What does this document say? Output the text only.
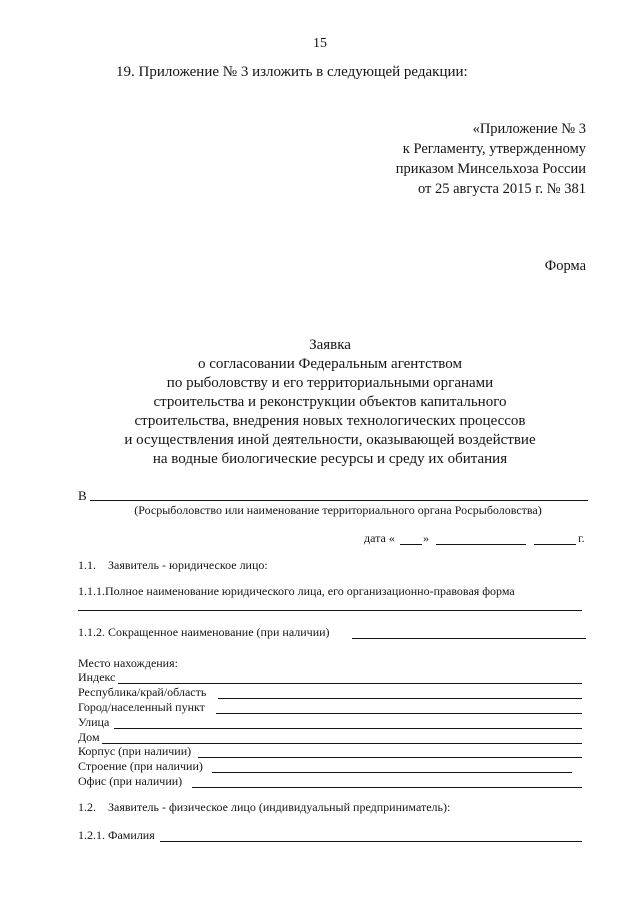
15
19. Приложение № 3 изложить в следующей редакции:
«Приложение № 3
к Регламенту, утвержденному
приказом Минсельхоза России
от 25 августа 2015 г. № 381
Форма
Заявка
о согласовании Федеральным агентством
по рыболовству и его территориальными органами
строительства и реконструкции объектов капитального
строительства, внедрения новых технологических процессов
и осуществления иной деятельности, оказывающей воздействие
на водные биологические ресурсы и среду их обитания
В
(Росрыболовство или наименование территориального органа Росрыболовства)
дата « »	г.
1.1. Заявитель - юридическое лицо:
1.1.1.Полное наименование юридического лица, его организационно-правовая форма
1.1.2. Сокращенное наименование (при наличии)
Место нахождения:
Индекс
Республика/край/область
Город/населенный пункт
Улица
Дом
Корпус (при наличии)
Строение (при наличии)
Офис (при наличии)
1.2. Заявитель - физическое лицо (индивидуальный предприниматель):
1.2.1. Фамилия
